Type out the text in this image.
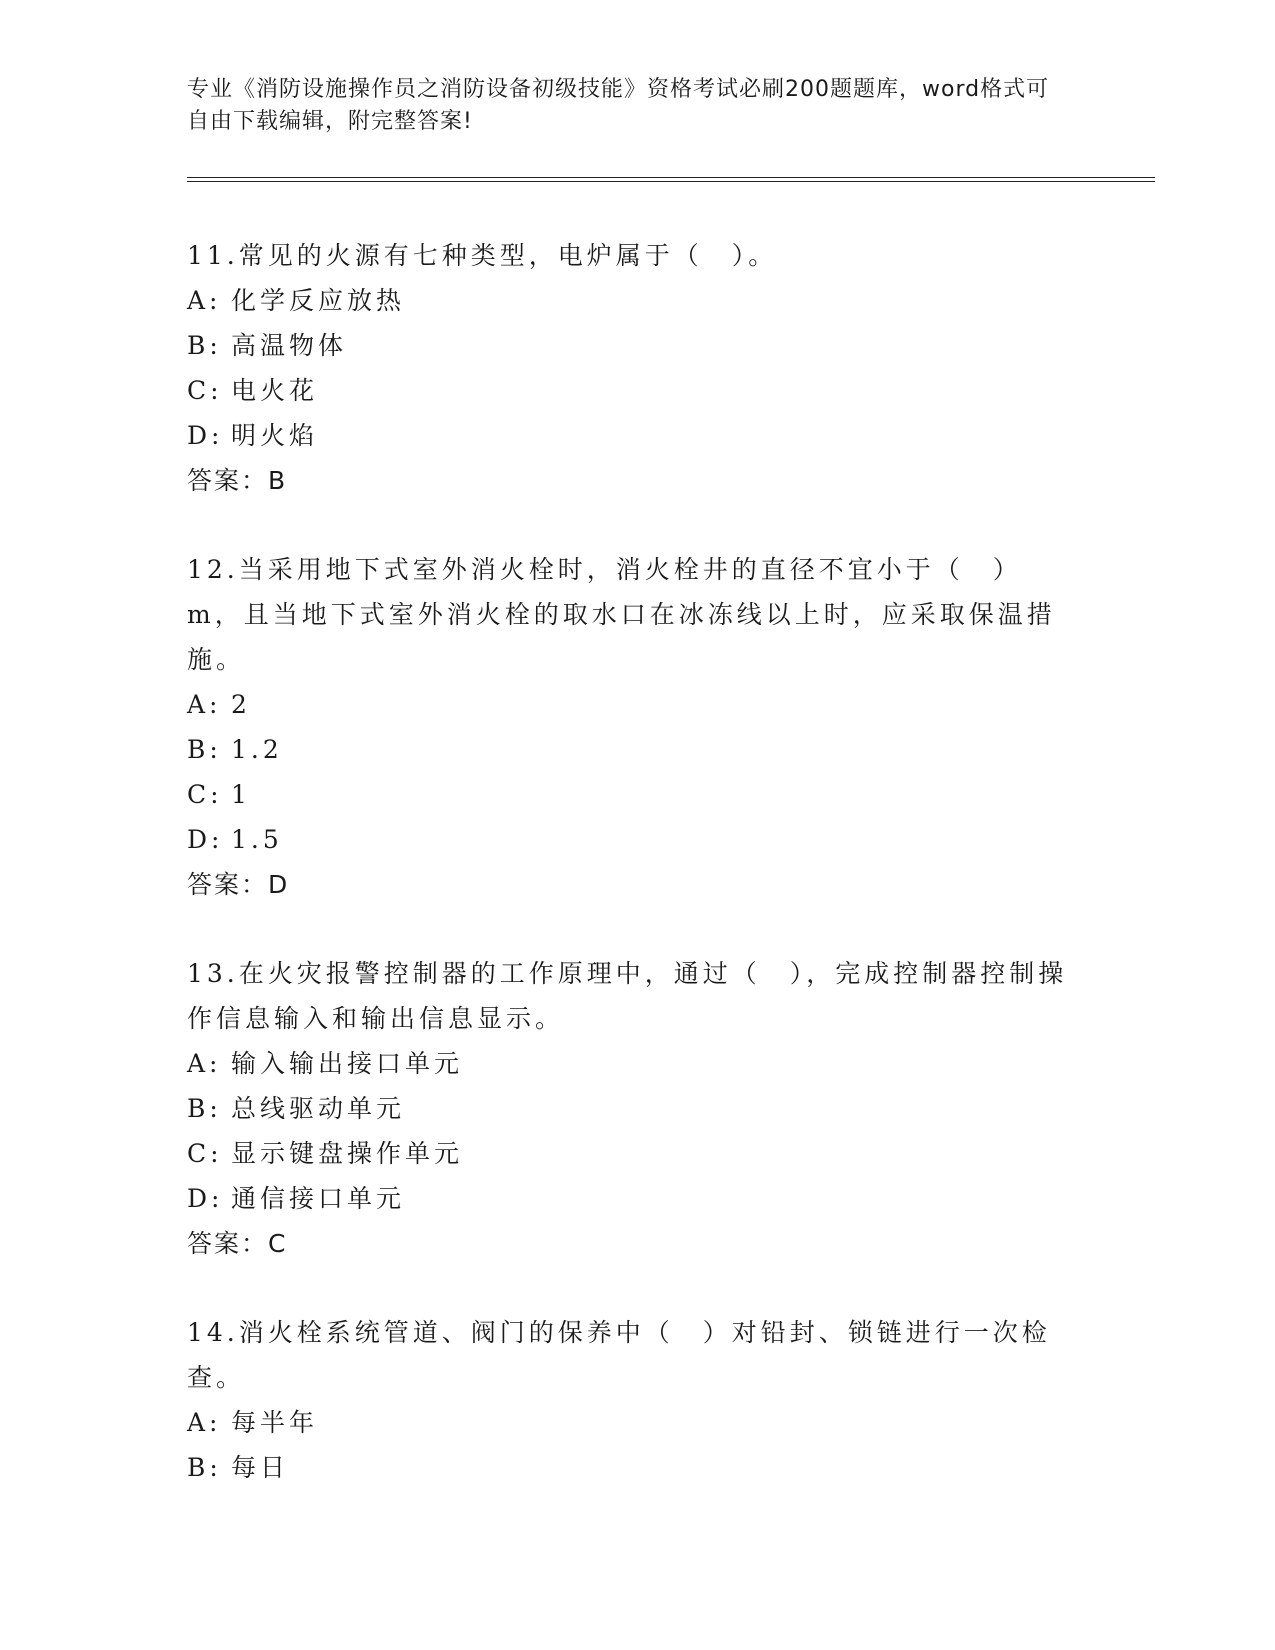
专业《消防设施操作员之消防设备初级技能》资格考试必刷200题题库，word格式可自由下载编辑，附完整答案!
11.常见的火源有七种类型，电炉属于（　）。
A: 化学反应放热
B: 高温物体
C: 电火花
D: 明火焰
答案：B
12.当采用地下式室外消火栓时，消火栓井的直径不宜小于（　）m，且当地下式室外消火栓的取水口在冰冻线以上时，应采取保温措施。
A: 2
B: 1.2
C: 1
D: 1.5
答案：D
13.在火灾报警控制器的工作原理中，通过（　），完成控制器控制操作信息输入和输出信息显示。
A: 输入输出接口单元
B: 总线驱动单元
C: 显示键盘操作单元
D: 通信接口单元
答案：C
14.消火栓系统管道、阀门的保养中（　）对铅封、锁链进行一次检查。
A: 每半年
B: 每日
